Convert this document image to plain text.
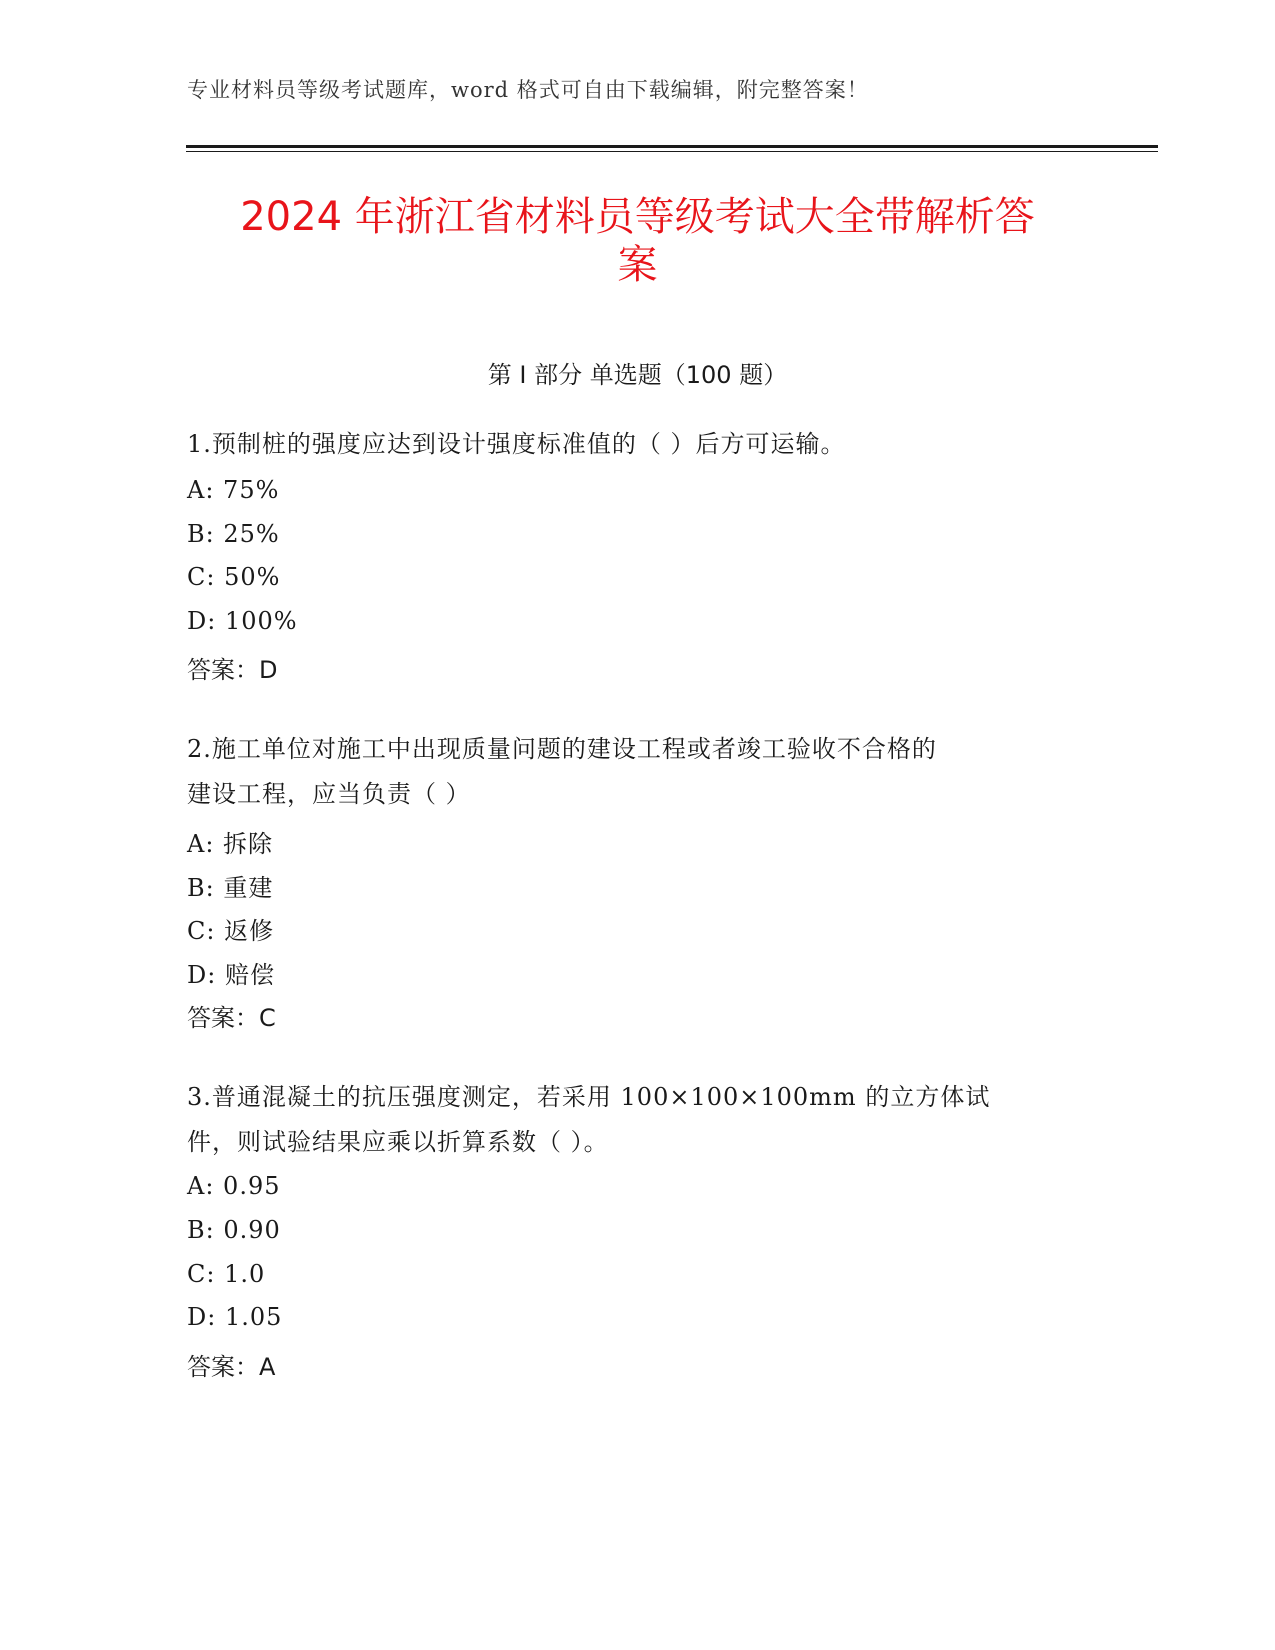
专业材料员等级考试题库，word 格式可自由下载编辑，附完整答案！
2024 年浙江省材料员等级考试大全带解析答
案
第 I 部分 单选题（100 题）
1.预制桩的强度应达到设计强度标准值的（ ）后方可运输。
A: 75%
B: 25%
C: 50%
D: 100%
答案：D
2.施工单位对施工中出现质量问题的建设工程或者竣工验收不合格的
建设工程，应当负责（ ）
A: 拆除
B: 重建
C: 返修
D: 赔偿
答案：C
3.普通混凝土的抗压强度测定，若采用 100×100×100mm 的立方体试
件，则试验结果应乘以折算系数（ ）。
A: 0.95
B: 0.90
C: 1.0
D: 1.05
答案：A
